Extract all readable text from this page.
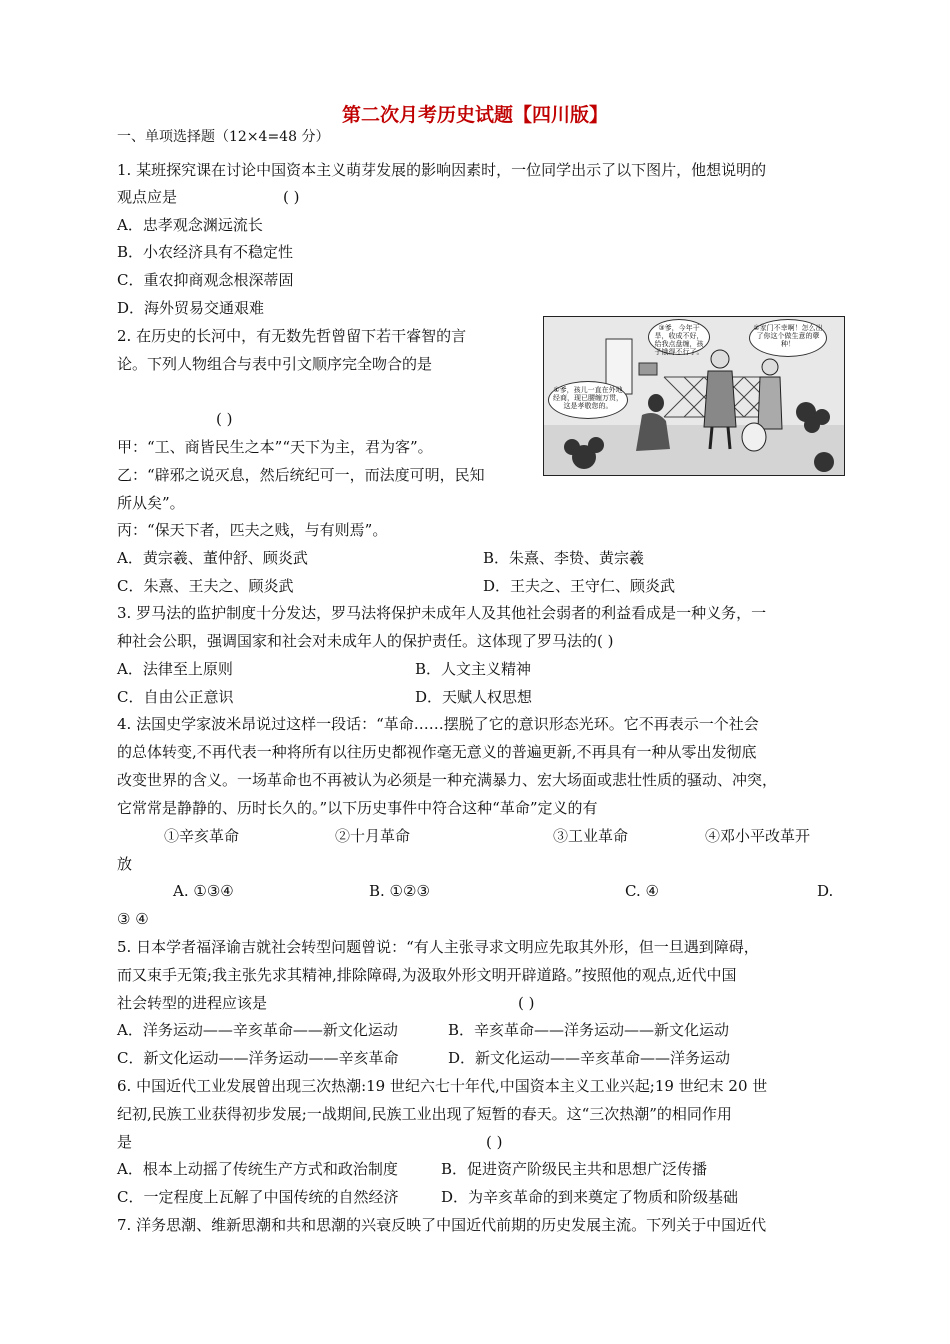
第二次月考历史试题【四川版】
一、单项选择题（12×4=48 分）
1. 某班探究课在讨论中国资本主义萌芽发展的影响因素时，一位同学出示了以下图片，他想说明的
观点应是	( )
A．忠孝观念渊远流长
B．小农经济具有不稳定性
C．重农抑商观念根深蒂固
D．海外贸易交通艰难
2. 在历史的长河中，有无数先哲曾留下若干睿智的言
论。下列人物组合与表中引文顺序完全吻合的是
( )
甲：“工、商皆民生之本”“天下为主，君为客”。
乙：“辟邪之说灭息，然后统纪可一，而法度可明，民知
所从矣”。
丙：“保天下者，匹夫之贱，与有则焉”。
A．黄宗羲、董仲舒、顾炎武	B．朱熹、李贽、黄宗羲
C．朱熹、王夫之、顾炎武	D．王夫之、王守仁、顾炎武
③爹，今年干旱，收成不好，给我点盘缠，孩子饿得不行了。
②家门不幸啊！怎么出了你这个做生意的孽种！
①爹，孩儿一直在外地经商，现已腰缠万贯，这是孝敬您的。
3. 罗马法的监护制度十分发达，罗马法将保护未成年人及其他社会弱者的利益看成是一种义务，一
种社会公职，强调国家和社会对未成年人的保护责任。这体现了罗马法的( )
A．法律至上原则	B．人文主义精神
C．自由公正意识	D．天赋人权思想
4. 法国史学家波米昂说过这样一段话：“革命……摆脱了它的意识形态光环。它不再表示一个社会
的总体转变,不再代表一种将所有以往历史都视作毫无意义的普遍更新,不再具有一种从零出发彻底
改变世界的含义。一场革命也不再被认为必须是一种充满暴力、宏大场面或悲壮性质的骚动、冲突，
它常常是静静的、历时长久的。”以下历史事件中符合这种“革命”定义的有
①辛亥革命	②十月革命	③工业革命	④邓小平改革开
放
A. ①③④	B. ①②③	C. ④	D.
③ ④
5. 日本学者福泽谕吉就社会转型问题曾说：“有人主张寻求文明应先取其外形，但一旦遇到障碍，
而又束手无策;我主张先求其精神,排除障碍,为汲取外形文明开辟道路。”按照他的观点,近代中国
社会转型的进程应该是	( )
A．洋务运动——辛亥革命——新文化运动	B．辛亥革命——洋务运动——新文化运动
C．新文化运动——洋务运动——辛亥革命	D．新文化运动——辛亥革命——洋务运动
6. 中国近代工业发展曾出现三次热潮:19 世纪六七十年代,中国资本主义工业兴起;19 世纪末 20 世
纪初,民族工业获得初步发展;一战期间,民族工业出现了短暂的春天。这“三次热潮”的相同作用
是	( )
A．根本上动摇了传统生产方式和政治制度	B．促进资产阶级民主共和思想广泛传播
C．一定程度上瓦解了中国传统的自然经济	D．为辛亥革命的到来奠定了物质和阶级基础
7. 洋务思潮、维新思潮和共和思潮的兴衰反映了中国近代前期的历史发展主流。下列关于中国近代
